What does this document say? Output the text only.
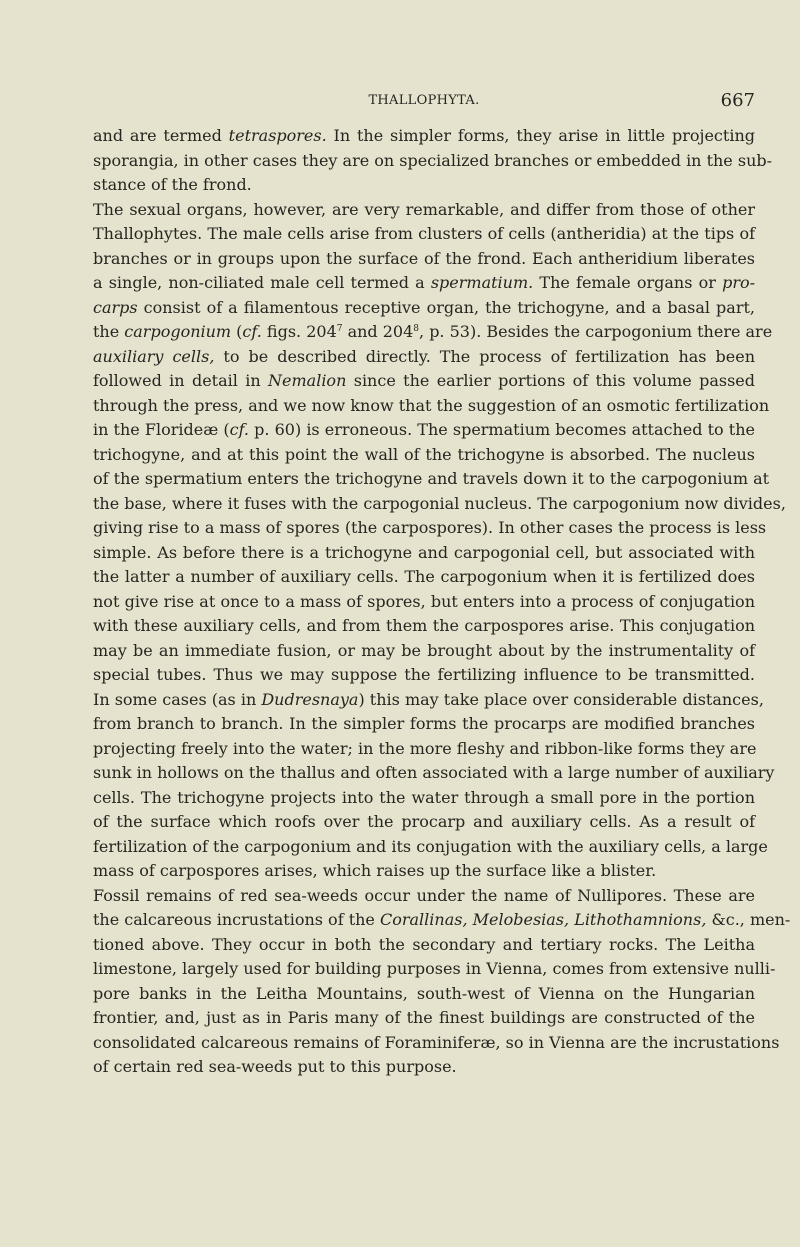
THALLOPHYTA.	667
and are termed tetraspores. In the simpler forms, they arise in little projecting
sporangia, in other cases they are on specialized branches or embedded in the sub-
stance of the frond.
The sexual organs, however, are very remarkable, and differ from those of other
Thallophytes. The male cells arise from clusters of cells (antheridia) at the tips of
branches or in groups upon the surface of the frond. Each antheridium liberates
a single, non-ciliated male cell termed a spermatium. The female organs or pro-
carps consist of a filamentous receptive organ, the trichogyne, and a basal part,
the carpogonium (cf. figs. $204^7$ and $204^8$, p. 53). Besides the carpogonium there are
auxiliary cells, to be described directly. The process of fertilization has been
followed in detail in Nemalion since the earlier portions of this volume passed
through the press, and we now know that the suggestion of an osmotic fertilization
in the Florideæ (cf. p. 60) is erroneous. The spermatium becomes attached to the
trichogyne, and at this point the wall of the trichogyne is absorbed. The nucleus
of the spermatium enters the trichogyne and travels down it to the carpogonium at
the base, where it fuses with the carpogonial nucleus. The carpogonium now divides,
giving rise to a mass of spores (the carpospores). In other cases the process is less
simple. As before there is a trichogyne and carpogonial cell, but associated with
the latter a number of auxiliary cells. The carpogonium when it is fertilized does
not give rise at once to a mass of spores, but enters into a process of conjugation
with these auxiliary cells, and from them the carpospores arise. This conjugation
may be an immediate fusion, or may be brought about by the instrumentality of
special tubes. Thus we may suppose the fertilizing influence to be transmitted.
In some cases (as in Dudresnaya) this may take place over considerable distances,
from branch to branch. In the simpler forms the procarps are modified branches
projecting freely into the water; in the more fleshy and ribbon-like forms they are
sunk in hollows on the thallus and often associated with a large number of auxiliary
cells. The trichogyne projects into the water through a small pore in the portion
of the surface which roofs over the procarp and auxiliary cells. As a result of
fertilization of the carpogonium and its conjugation with the auxiliary cells, a large
mass of carpospores arises, which raises up the surface like a blister.
Fossil remains of red sea-weeds occur under the name of Nullipores. These are
the calcareous incrustations of the Corallinas, Melobesias, Lithothamnions, &c., men-
tioned above. They occur in both the secondary and tertiary rocks. The Leitha
limestone, largely used for building purposes in Vienna, comes from extensive nulli-
pore banks in the Leitha Mountains, south-west of Vienna on the Hungarian
frontier, and, just as in Paris many of the finest buildings are constructed of the
consolidated calcareous remains of Foraminiferæ, so in Vienna are the incrustations
of certain red sea-weeds put to this purpose.
